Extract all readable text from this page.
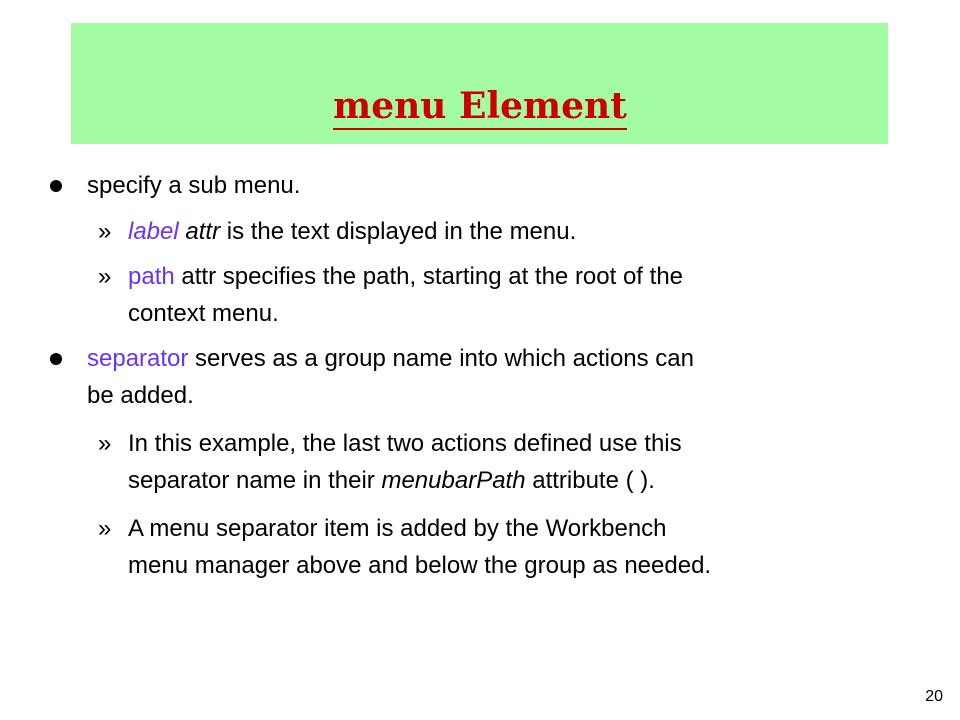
menu Element
specify a sub menu.
» label attr is the text displayed in the menu.
» path attr specifies the path, starting at the root of the
context menu.
separator serves as a group name into which actions can
be added.
» In this example, the last two actions defined use this
separator name in their menubarPath attribute ( ).
» A menu separator item is added by the Workbench
menu manager above and below the group as needed.
20
